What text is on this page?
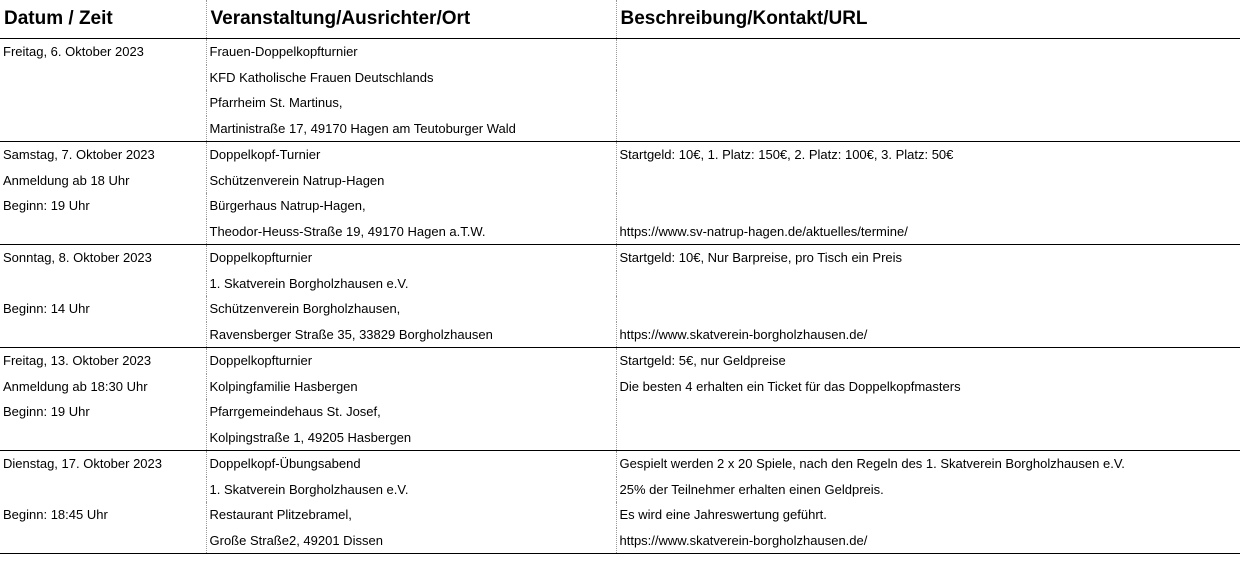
Datum / Zeit	Veranstaltung/Ausrichter/Ort	Beschreibung/Kontakt/URL
Freitag, 6. Oktober 2023	Frauen-Doppelkopfturnier	
	KFD Katholische Frauen Deutschlands	
	Pfarrheim St. Martinus,	
	Martinistraße 17, 49170 Hagen am Teutoburger Wald	
Samstag, 7. Oktober 2023	Doppelkopf-Turnier	Startgeld: 10€, 1. Platz: 150€, 2. Platz: 100€, 3. Platz: 50€
Anmeldung ab 18 Uhr	Schützenverein Natrup-Hagen	
Beginn: 19 Uhr	Bürgerhaus Natrup-Hagen,	
	Theodor-Heuss-Straße 19, 49170 Hagen a.T.W.	https://www.sv-natrup-hagen.de/aktuelles/termine/
Sonntag, 8. Oktober 2023	Doppelkopfturnier	Startgeld: 10€, Nur Barpreise, pro Tisch ein Preis
	1. Skatverein Borgholzhausen e.V.	
Beginn: 14 Uhr	Schützenverein Borgholzhausen,	
	Ravensberger Straße 35, 33829 Borgholzhausen	https://www.skatverein-borgholzhausen.de/
Freitag, 13. Oktober 2023	Doppelkopfturnier	Startgeld: 5€, nur Geldpreise
Anmeldung ab 18:30 Uhr	Kolpingfamilie Hasbergen	Die besten 4 erhalten ein Ticket für das Doppelkopfmasters
Beginn: 19 Uhr	Pfarrgemeindehaus St. Josef,	
	Kolpingstraße 1, 49205 Hasbergen	
Dienstag, 17. Oktober 2023	Doppelkopf-Übungsabend	Gespielt werden 2 x 20 Spiele, nach den Regeln des 1. Skatverein Borgholzhausen e.V.
	1. Skatverein Borgholzhausen e.V.	25% der Teilnehmer erhalten einen Geldpreis.
Beginn: 18:45 Uhr	Restaurant Plitzebramel,	Es wird eine Jahreswertung geführt.
	Große Straße2, 49201 Dissen	https://www.skatverein-borgholzhausen.de/
